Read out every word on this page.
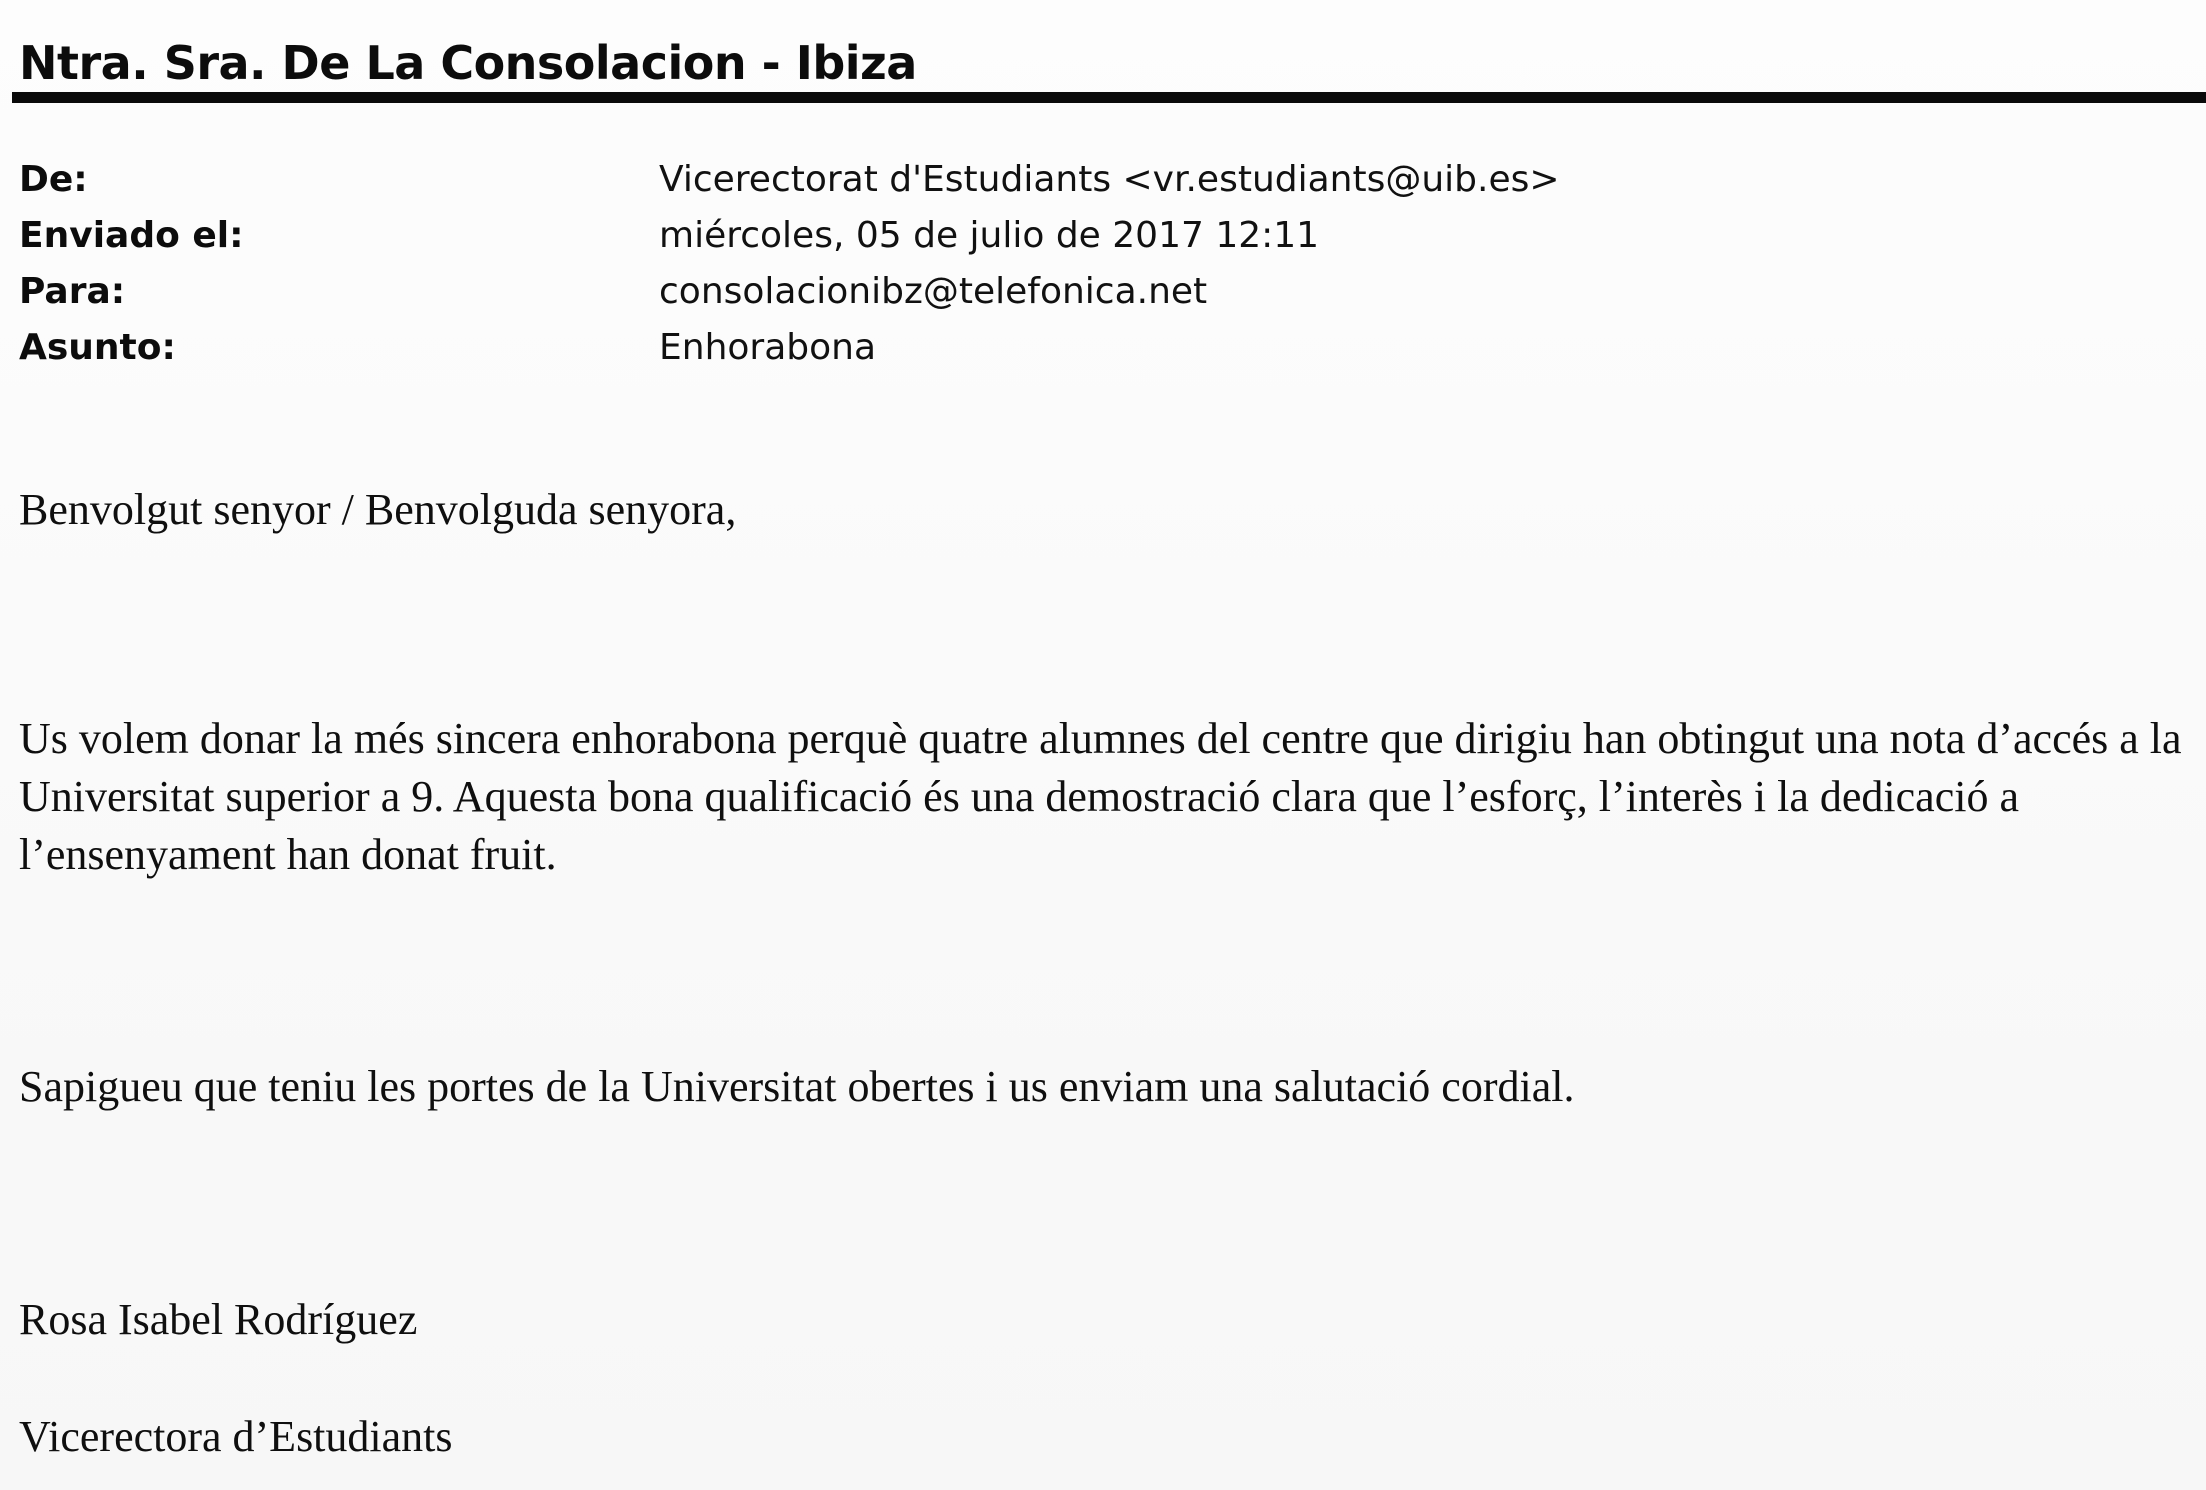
Ntra. Sra. De La Consolacion - Ibiza
De:	Vicerectorat d'Estudiants <vr.estudiants@uib.es>
Enviado el:	miércoles, 05 de julio de 2017 12:11
Para:	consolacionibz@telefonica.net
Asunto:	Enhorabona
Benvolgut senyor / Benvolguda senyora,
Us volem donar la més sincera enhorabona perquè quatre alumnes del centre que dirigiu han obtingut una nota d’accés a la Universitat superior a 9. Aquesta bona qualificació és una demostració clara que l’esforç, l’interès i la dedicació a l’ensenyament han donat fruit.
Sapigueu que teniu les portes de la Universitat obertes i us enviam una salutació cordial.
Rosa Isabel Rodríguez
Vicerectora d’Estudiants
